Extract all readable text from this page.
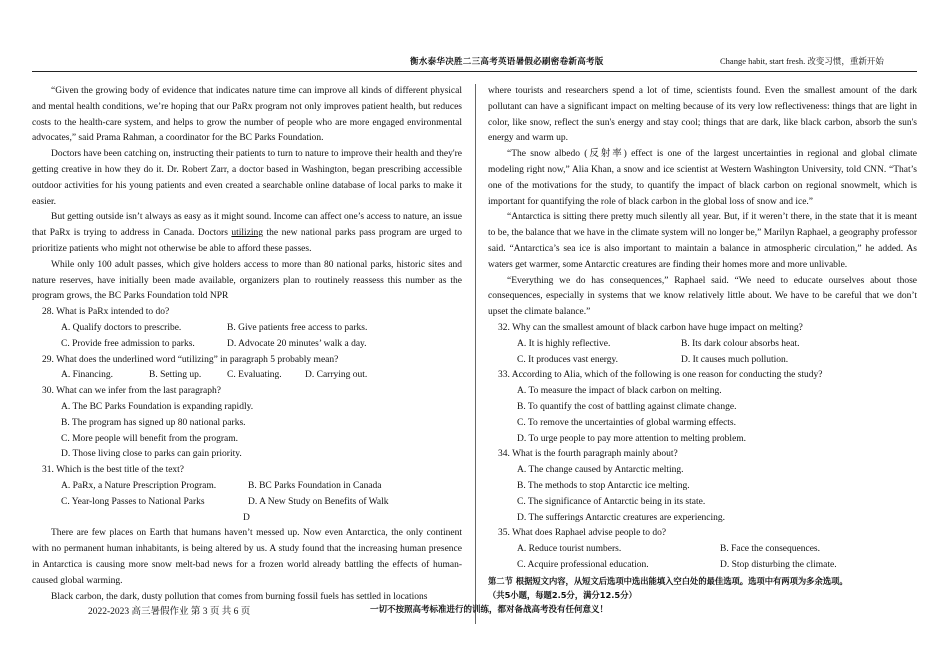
衡水泰华决胜二三高考英语暑假必刷密卷新高考版	Change habit, start fresh. 改变习惯，重新开始

“Given the growing body of evidence that indicates nature time can improve all kinds of different physical and mental health conditions, we’re hoping that our PaRx program not only improves patient health, but reduces costs to the health-care system, and helps to grow the number of people who are more engaged environmental advocates,” said Prama Rahman, a coordinator for the BC Parks Foundation.

Doctors have been catching on, instructing their patients to turn to nature to improve their health and they're getting creative in how they do it. Dr. Robert Zarr, a doctor based in Washington, began prescribing accessible outdoor activities for his young patients and even created a searchable online database of local parks to make it easier.

But getting outside isn’t always as easy as it might sound. Income can affect one’s access to nature, an issue that PaRx is trying to address in Canada. Doctors utilizing the new national parks pass program are urged to prioritize patients who might not otherwise be able to afford these passes.

While only 100 adult passes, which give holders access to more than 80 national parks, historic sites and nature reserves, have initially been made available, organizers plan to routinely reassess this number as the program grows, the BC Parks Foundation told NPR

28. What is PaRx intended to do?

A. Qualify doctors to prescribe.	B. Give patients free access to parks.
C. Provide free admission to parks.	D. Advocate 20 minutes’ walk a day.

29. What does the underlined word “utilizing” in paragraph 5 probably mean?

A. Financing.	B. Setting up.	C. Evaluating.	D. Carrying out.

30. What can we infer from the last paragraph?

A. The BC Parks Foundation is expanding rapidly.

B. The program has signed up 80 national parks.

C. More people will benefit from the program.

D. Those living close to parks can gain priority.

31. Which is the best title of the text?

A. PaRx, a Nature Prescription Program.	B. BC Parks Foundation in Canada
C. Year-long Passes to National Parks	D. A New Study on Benefits of Walk

D

There are few places on Earth that humans haven’t messed up. Now even Antarctica, the only continent with no permanent human inhabitants, is being altered by us. A study found that the increasing human presence in Antarctica is causing more snow melt-bad news for a frozen world already battling the effects of human-caused global warming.

Black carbon, the dark, dusty pollution that comes from burning fossil fuels has settled in locations

where tourists and researchers spend a lot of time, scientists found. Even the smallest amount of the dark pollutant can have a significant impact on melting because of its very low reflectiveness: things that are light in color, like snow, reflect the sun's energy and stay cool; things that are dark, like black carbon, absorb the sun's energy and warm up.

“The snow albedo (反射率) effect is one of the largest uncertainties in regional and global climate modeling right now,” Alia Khan, a snow and ice scientist at Western Washington University, told CNN. “That’s one of the motivations for the study, to quantify the impact of black carbon on regional snowmelt, which is important for quantifying the role of black carbon in the global loss of snow and ice.”

“Antarctica is sitting there pretty much silently all year. But, if it weren’t there, in the state that it is meant to be, the balance that we have in the climate system will no longer be,” Marilyn Raphael, a geography professor said. “Antarctica’s sea ice is also important to maintain a balance in atmospheric circulation,” he added. As waters get warmer, some Antarctic creatures are finding their homes more and more unlivable.

“Everything we do has consequences,” Raphael said. “We need to educate ourselves about those consequences, especially in systems that we know relatively little about. We have to be careful that we don’t upset the climate balance.”

32. Why can the smallest amount of black carbon have huge impact on melting?

A. It is highly reflective.	B. Its dark colour absorbs heat.
C. It produces vast energy.	D. It causes much pollution.

33. According to Alia, which of the following is one reason for conducting the study?

A. To measure the impact of black carbon on melting.

B. To quantify the cost of battling against climate change.

C. To remove the uncertainties of global warming effects.

D. To urge people to pay more attention to melting problem.

34. What is the fourth paragraph mainly about?

A. The change caused by Antarctic melting.

B. The methods to stop Antarctic ice melting.

C. The significance of Antarctic being in its state.

D. The sufferings Antarctic creatures are experiencing.

35. What does Raphael advise people to do?

A. Reduce tourist numbers.	B. Face the consequences.
C. Acquire professional education.	D. Stop disturbing the climate.

第二节 根据短文内容，从短文后选项中选出能填入空白处的最佳选项。选项中有两项为多余选项。

（共5小题，每题2.5分，满分12.5分）

2022-2023 高三暑假作业 第 3 页 共 6 页	一切不按照高考标准进行的训练，都对备战高考没有任何意义！
